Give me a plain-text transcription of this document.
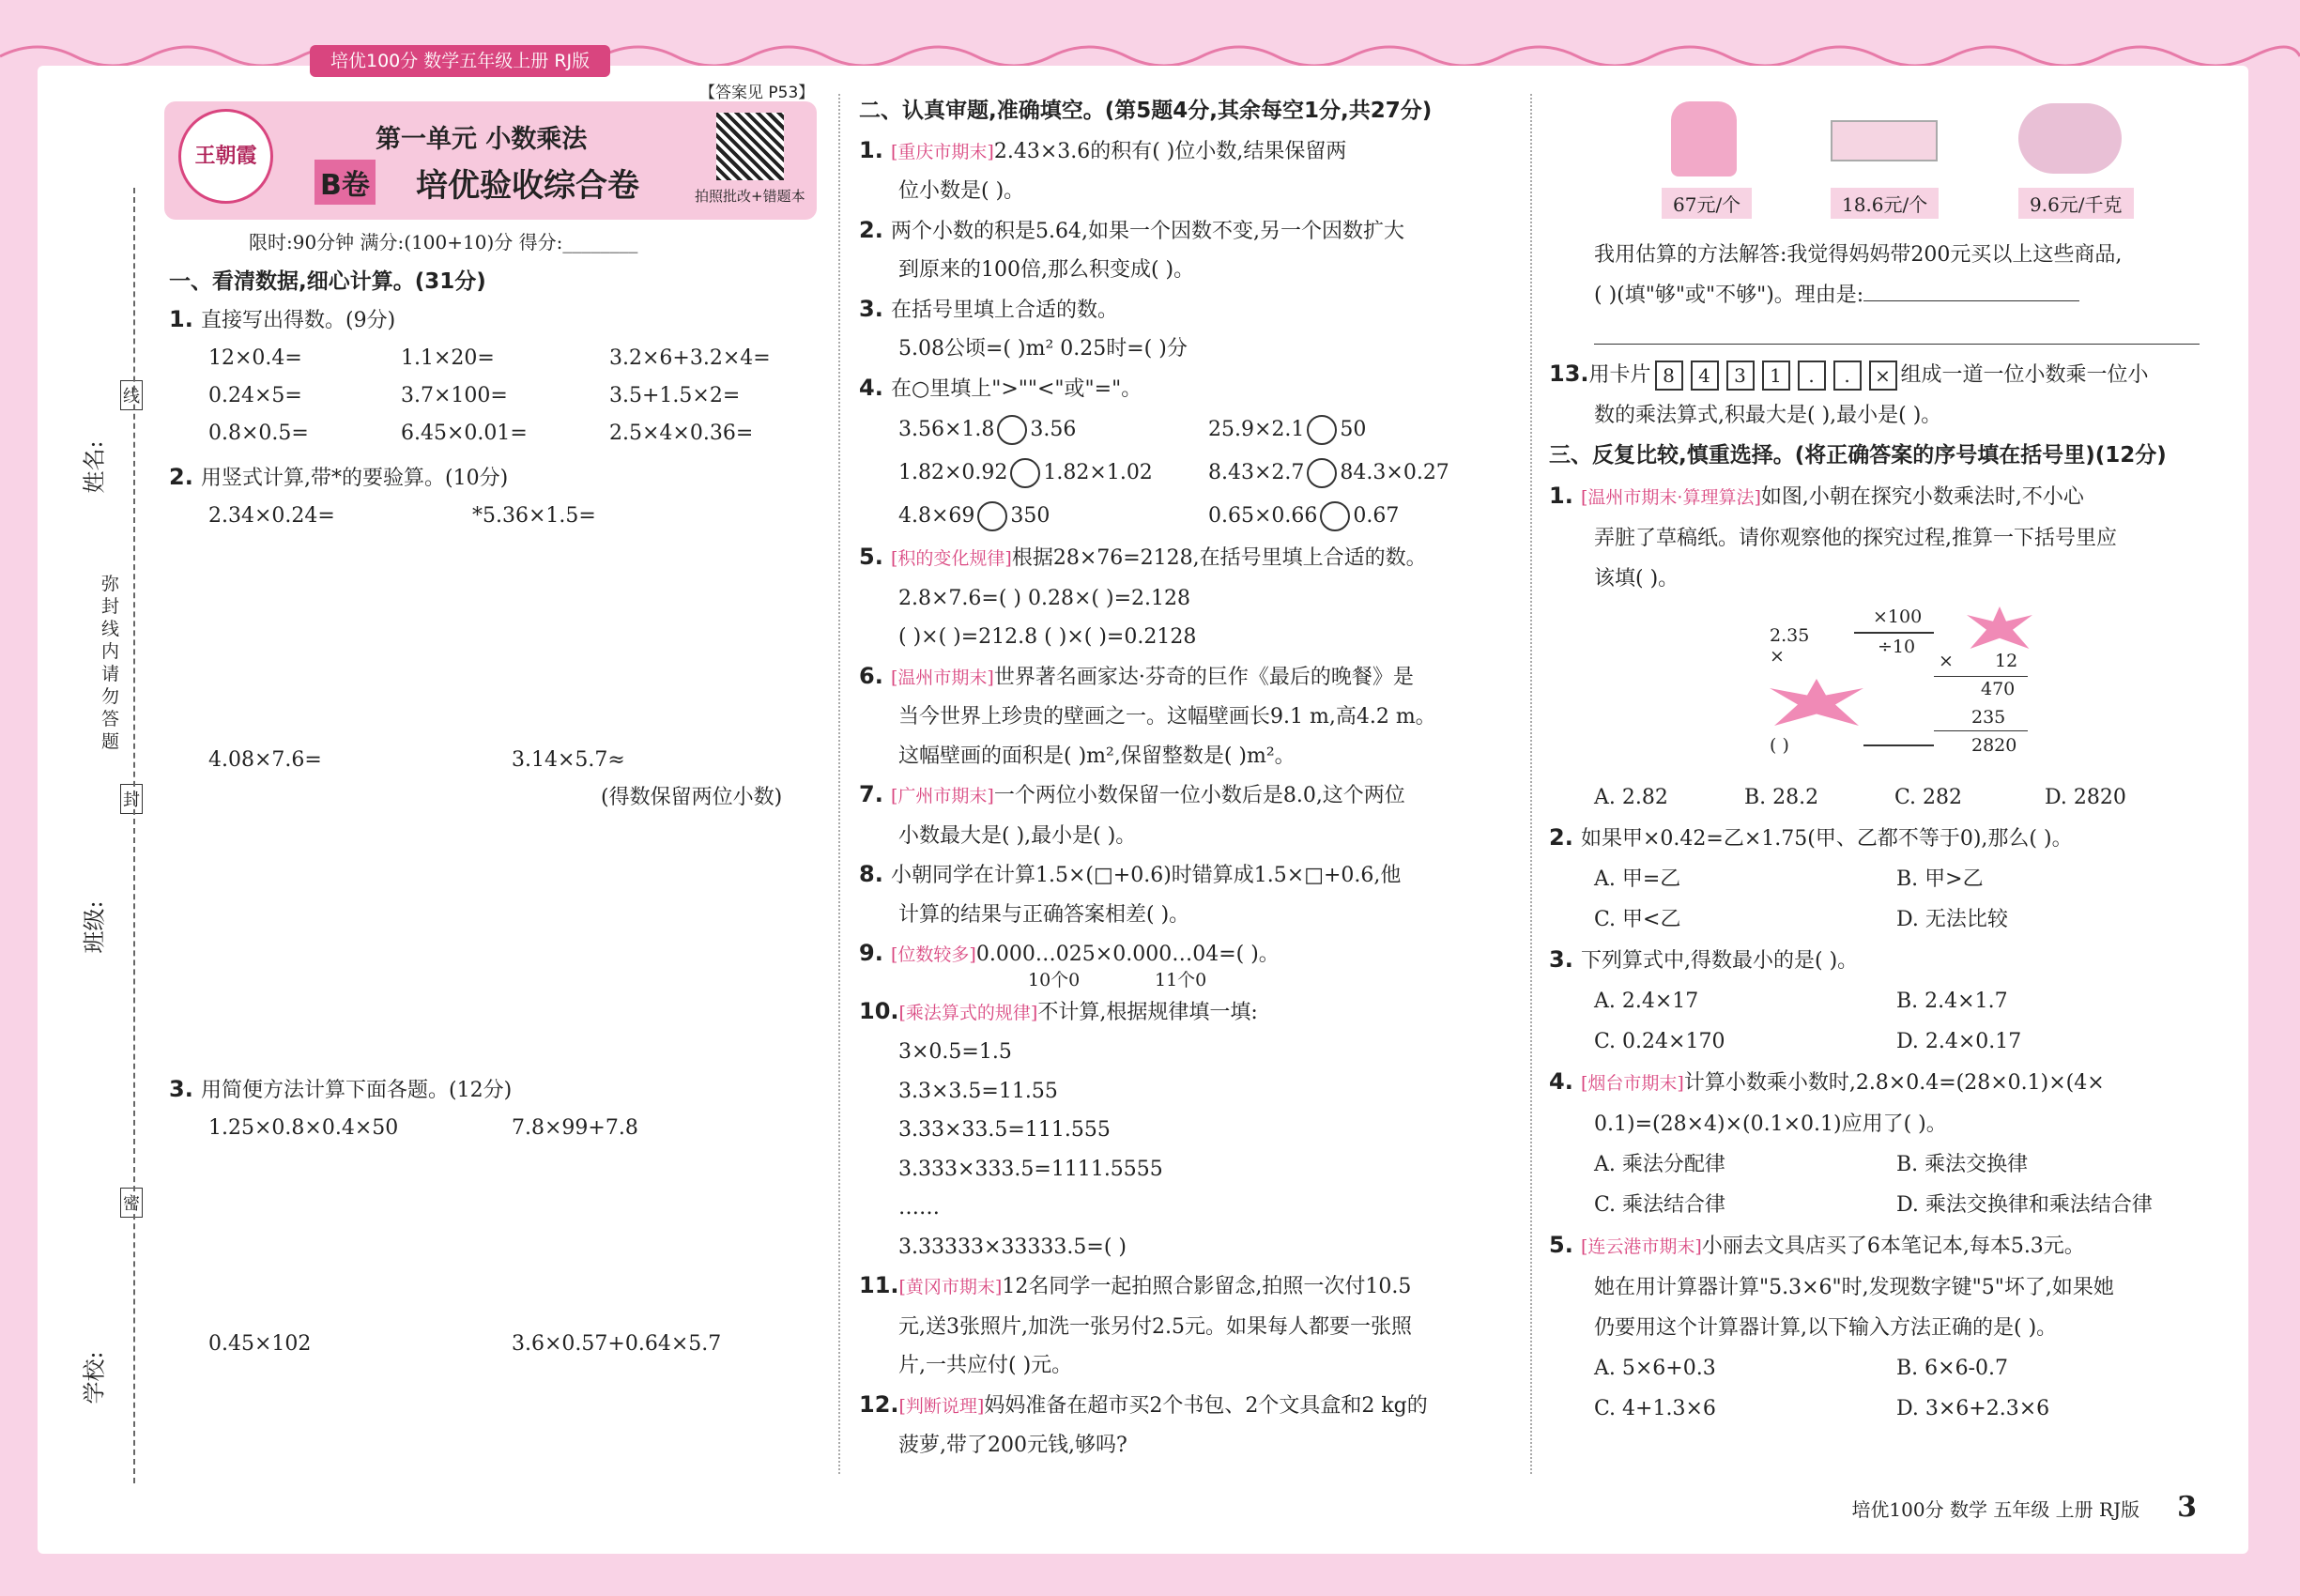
培优100分 数学五年级上册 RJ版
姓名:
班级:
学校:
弥封线内请勿答题
线
封
密
王朝霞
第一单元 小数乘法
B卷 培优验收综合卷	拍照批改+错题本
【答案见 P53】
限时:90分钟 满分:(100+10)分 得分:________
一、看清数据,细心计算。(31分)
1. 直接写出得数。(9分)
12×0.4=	1.1×20=	3.2×6+3.2×4=
0.24×5=	3.7×100=	3.5+1.5×2=
0.8×0.5=	6.45×0.01=	2.5×4×0.36=
2. 用竖式计算,带*的要验算。(10分)
2.34×0.24=	*5.36×1.5=
4.08×7.6=	3.14×5.7≈
(得数保留两位小数)
3. 用简便方法计算下面各题。(12分)
1.25×0.8×0.4×50	7.8×99+7.8
0.45×102	3.6×0.57+0.64×5.7
二、认真审题,准确填空。(第5题4分,其余每空1分,共27分)
1. [重庆市期末]2.43×3.6的积有( )位小数,结果保留两
位小数是( )。
2. 两个小数的积是5.64,如果一个因数不变,另一个因数扩大
到原来的100倍,那么积变成( )。
3. 在括号里填上合适的数。
5.08公顷=( )m² 0.25时=( )分
4. 在○里填上">""<"或"="。
3.56×1.8 3.56	25.9×2.1 50
1.82×0.92 1.82×1.02	8.43×2.7 84.3×0.27
4.8×69 350	0.65×0.66 0.67
5. [积的变化规律]根据28×76=2128,在括号里填上合适的数。
2.8×7.6=( ) 0.28×( )=2.128
( )×( )=212.8 ( )×( )=0.2128
6. [温州市期末]世界著名画家达·芬奇的巨作《最后的晚餐》是
当今世界上珍贵的壁画之一。这幅壁画长9.1 m,高4.2 m。
这幅壁画的面积是( )m²,保留整数是( )m²。
7. [广州市期末]一个两位小数保留一位小数后是8.0,这个两位
小数最大是( ),最小是( )。
8. 小朝同学在计算1.5×(□+0.6)时错算成1.5×□+0.6,他
计算的结果与正确答案相差( )。
9. [位数较多]0.000…025×0.000…04=( )。
10个0	11个0
10.[乘法算式的规律]不计算,根据规律填一填:
3×0.5=1.5
3.3×3.5=11.55
3.33×33.5=111.555
3.333×333.5=1111.5555
……
3.33333×33333.5=( )
11.[黄冈市期末]12名同学一起拍照合影留念,拍照一次付10.5
元,送3张照片,加洗一张另付2.5元。如果每人都要一张照
片,一共应付( )元。
12.[判断说理]妈妈准备在超市买2个书包、2个文具盒和2 kg的
菠萝,带了200元钱,够吗?
67元/个	18.6元/个	9.6元/千克
我用估算的方法解答:我觉得妈妈带200元买以上这些商品,
( )(填"够"或"不够")。理由是:
13.用卡片 8 4 3 1 . . × 组成一道一位小数乘一位小
数的乘法算式,积最大是( ),最小是( )。
三、反复比较,慎重选择。(将正确答案的序号填在括号里)(12分)
1. [温州市期末·算理算法]如图,小朝在探究小数乘法时,不小心
弄脏了草稿纸。请你观察他的探究过程,推算一下括号里应
该填( )。
2.35
×
×100
÷10
× 12
470
235
2820
( )
A. 2.82	B. 28.2	C. 282	D. 2820
2. 如果甲×0.42=乙×1.75(甲、乙都不等于0),那么( )。
A. 甲=乙	B. 甲>乙
C. 甲<乙	D. 无法比较
3. 下列算式中,得数最小的是( )。
A. 2.4×17	B. 2.4×1.7
C. 0.24×170	D. 2.4×0.17
4. [烟台市期末]计算小数乘小数时,2.8×0.4=(28×0.1)×(4×
0.1)=(28×4)×(0.1×0.1)应用了( )。
A. 乘法分配律	B. 乘法交换律
C. 乘法结合律	D. 乘法交换律和乘法结合律
5. [连云港市期末]小丽去文具店买了6本笔记本,每本5.3元。
她在用计算器计算"5.3×6"时,发现数字键"5"坏了,如果她
仍要用这个计算器计算,以下输入方法正确的是( )。
A. 5×6+0.3	B. 6×6-0.7
C. 4+1.3×6	D. 3×6+2.3×6
培优100分 数学 五年级 上册 RJ版 3
